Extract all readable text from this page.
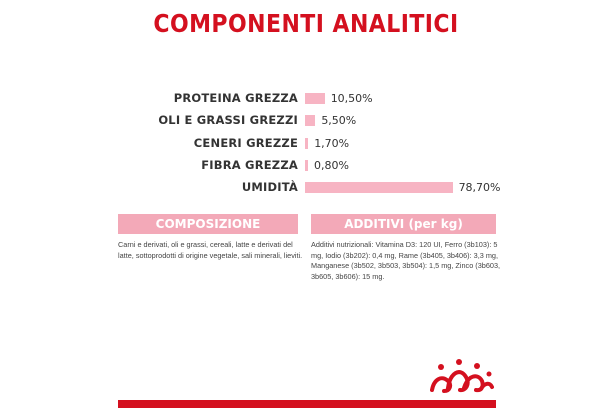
COMPONENTI ANALITICI
PROTEINA GREZZA	10,50%
OLI E GRASSI GREZZI 5,50%
CENERI GREZZE 1,70%
FIBRA GREZZA 0,80%
UMIDITÀ	78,70%
COMPOSIZIONE
Carni e derivati, oli e grassi, cereali, latte e derivati del
latte, sottoprodotti di origine vegetale, sali minerali, lieviti.
ADDITIVI (per kg)
Additivi nutrizionali: Vitamina D3: 120 UI, Ferro (3b103): 5
mg, Iodio (3b202): 0,4 mg, Rame (3b405, 3b406): 3,3 mg,
Manganese (3b502, 3b503, 3b504): 1,5 mg, Zinco (3b603,
3b605, 3b606): 15 mg.
